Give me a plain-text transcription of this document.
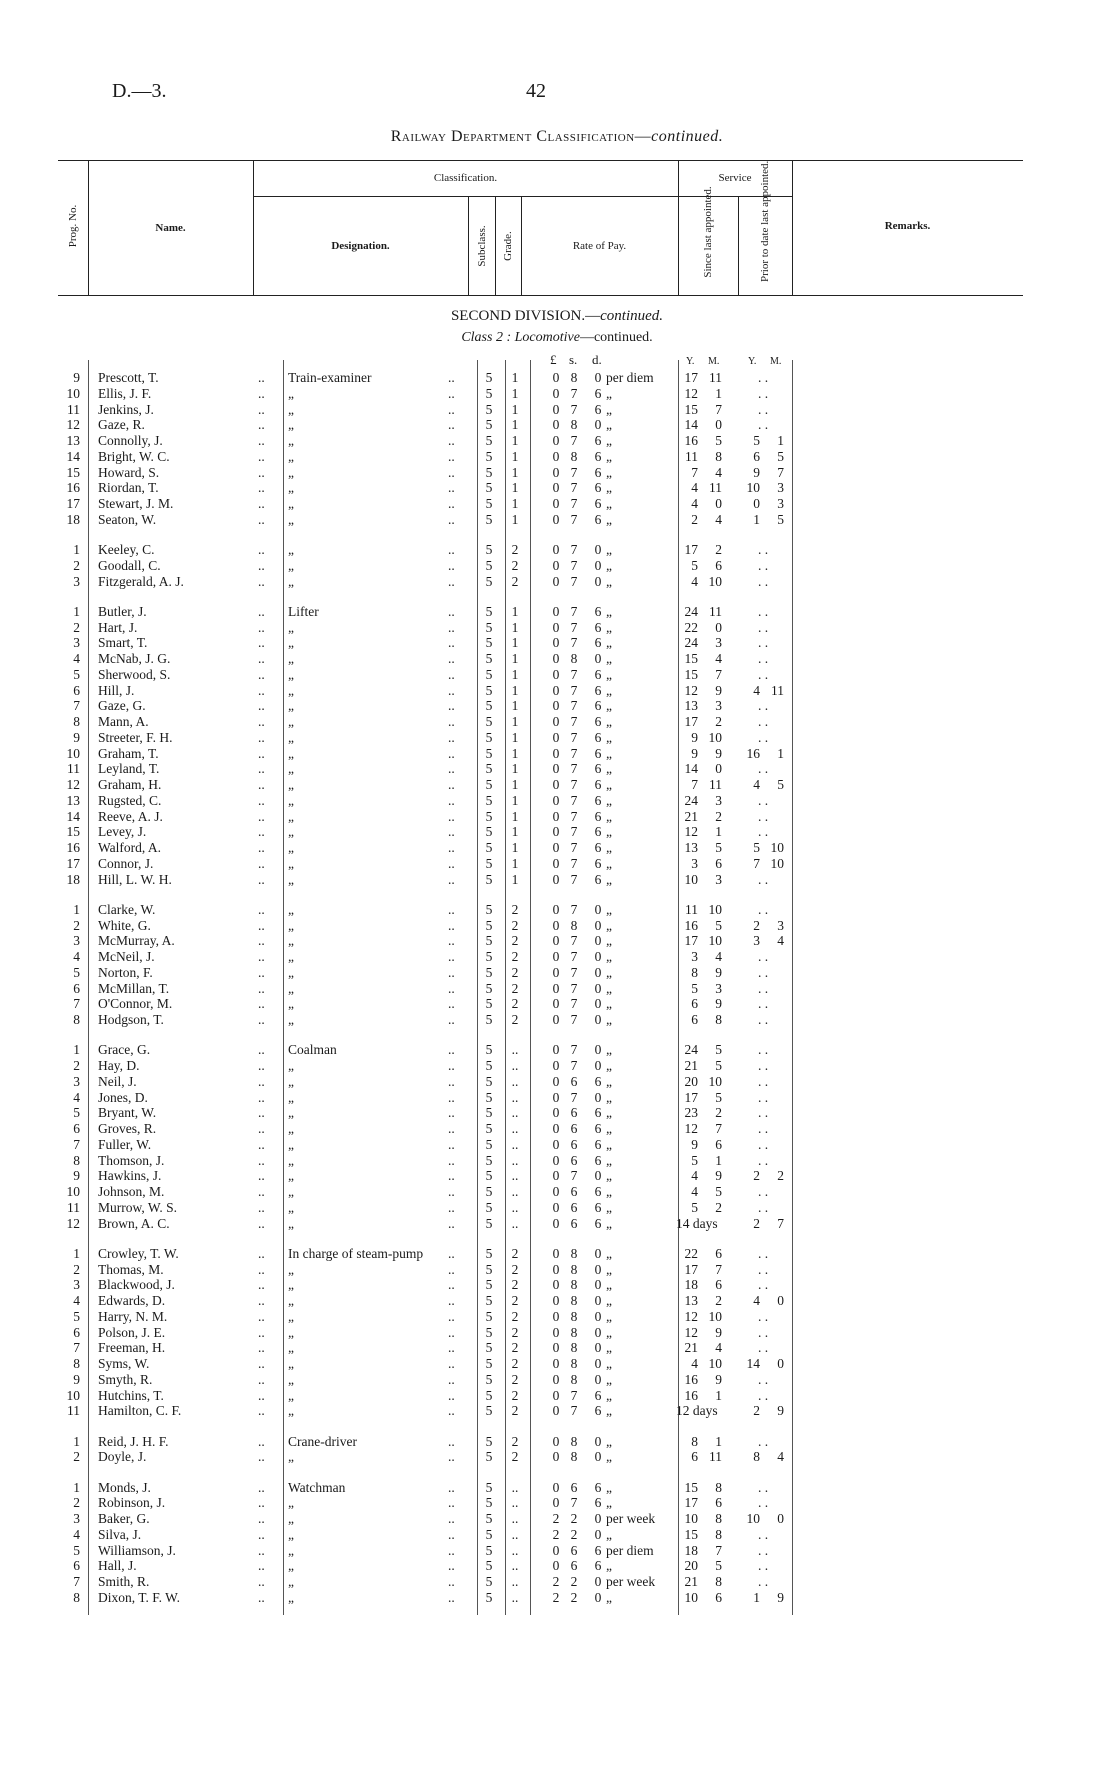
D.—3.	42
Railway Department Classification—continued.
Prog. No.	Name.
Classification.
Designation.	Subclass. Grade.	Rate of Pay.
Service
Since last appointed.	Prior to date last appointed.	Remarks.
SECOND DIVISION.—continued.
Class 2 : Locomotive—continued.
£ s. d.	Y. M.	Y. M.
9 Prescott, T.	.. Train-examiner	.. 5 1	0 8 0 per diem	17 11	. .
10 Ellis, J. F.	.. „	.. 5 1	0 7 6 „	12	1	. .
11 Jenkins, J.	.. „	.. 5 1	0 7 6 „	15	7	. .
12 Gaze, R.	.. „	.. 5 1	0 8 0 „	14	0	. .
13 Connolly, J.	.. „	.. 5 1	0 7 6 „	16	5	5	1
14 Bright, W. C.	.. „	.. 5 1	0 8 6 „	11	8	6	5
15 Howard, S.	.. „	.. 5 1	0 7 6 „	7	4	9	7
16 Riordan, T.	.. „	.. 5 1	0 7 6 „	4 11	10	3
17 Stewart, J. M.	.. „	.. 5 1	0 7 6 „	4	0	0	3
18 Seaton, W.	.. „	.. 5 1	0 7 6 „	2	4	1	5
1 Keeley, C.	.. „	.. 5 2	0 7 0 „	17	2	. .
2 Goodall, C.	.. „	.. 5 2	0 7 0 „	5	6	. .
3 Fitzgerald, A. J.	.. „	.. 5 2	0 7 0 „	4 10	. .
1 Butler, J.	.. Lifter	.. 5 1	0 7 6 „	24 11	. .
2 Hart, J.	.. „	.. 5 1	0 7 6 „	22	0	. .
3 Smart, T.	.. „	.. 5 1	0 7 6 „	24	3	. .
4 McNab, J. G.	.. „	.. 5 1	0 8 0 „	15	4	. .
5 Sherwood, S.	.. „	.. 5 1	0 7 6 „	15	7	. .
6 Hill, J.	.. „	.. 5 1	0 7 6 „	12	9	4 11
7 Gaze, G.	.. „	.. 5 1	0 7 6 „	13	3	. .
8 Mann, A.	.. „	.. 5 1	0 7 6 „	17	2	. .
9 Streeter, F. H.	.. „	.. 5 1	0 7 6 „	9 10	. .
10 Graham, T.	.. „	.. 5 1	0 7 6 „	9	9	16	1
11 Leyland, T.	.. „	.. 5 1	0 7 6 „	14	0	. .
12 Graham, H.	.. „	.. 5 1	0 7 6 „	7 11	4	5
13 Rugsted, C.	.. „	.. 5 1	0 7 6 „	24	3	. .
14 Reeve, A. J.	.. „	.. 5 1	0 7 6 „	21	2	. .
15 Levey, J.	.. „	.. 5 1	0 7 6 „	12	1	. .
16 Walford, A.	.. „	.. 5 1	0 7 6 „	13	5	5 10
17 Connor, J.	.. „	.. 5 1	0 7 6 „	3	6	7 10
18 Hill, L. W. H.	.. „	.. 5 1	0 7 6 „	10	3	. .
1 Clarke, W.	.. „	.. 5 2	0 7 0 „	11 10	. .
2 White, G.	.. „	.. 5 2	0 8 0 „	16	5	2	3
3 McMurray, A.	.. „	.. 5 2	0 7 0 „	17 10	3	4
4 McNeil, J.	.. „	.. 5 2	0 7 0 „	3	4	. .
5 Norton, F.	.. „	.. 5 2	0 7 0 „	8	9	. .
6 McMillan, T.	.. „	.. 5 2	0 7 0 „	5	3	. .
7 O'Connor, M.	.. „	.. 5 2	0 7 0 „	6	9	. .
8 Hodgson, T.	.. „	.. 5 2	0 7 0 „	6	8	. .
1 Grace, G.	.. Coalman	.. 5 ..	0 7 0 „	24	5	. .
2 Hay, D.	.. „	.. 5 ..	0 7 0 „	21	5	. .
3 Neil, J.	.. „	.. 5 ..	0 6 6 „	20 10	. .
4 Jones, D.	.. „	.. 5 ..	0 7 0 „	17	5	. .
5 Bryant, W.	.. „	.. 5 ..	0 6 6 „	23	2	. .
6 Groves, R.	.. „	.. 5 ..	0 6 6 „	12	7	. .
7 Fuller, W.	.. „	.. 5 ..	0 6 6 „	9	6	. .
8 Thomson, J.	.. „	.. 5 ..	0 6 6 „	5	1	. .
9 Hawkins, J.	.. „	.. 5 ..	0 7 0 „	4	9	2	2
10 Johnson, M.	.. „	.. 5 ..	0 6 6 „	4	5	. .
11 Murrow, W. S.	.. „	.. 5 ..	0 6 6 „	5	2	. .
12 Brown, A. C.	.. „	.. 5 ..	0 6 6 „	14 days	2	7
1 Crowley, T. W.	.. In charge of steam-pump .. 5 2	0 8 0 „	22	6	. .
2 Thomas, M.	.. „	.. 5 2	0 8 0 „	17	7	. .
3 Blackwood, J.	.. „	.. 5 2	0 8 0 „	18	6	. .
4 Edwards, D.	.. „	.. 5 2	0 8 0 „	13	2	4	0
5 Harry, N. M.	.. „	.. 5 2	0 8 0 „	12 10	. .
6 Polson, J. E.	.. „	.. 5 2	0 8 0 „	12	9	. .
7 Freeman, H.	.. „	.. 5 2	0 8 0 „	21	4	. .
8 Syms, W.	.. „	.. 5 2	0 8 0 „	4 10	14	0
9 Smyth, R.	.. „	.. 5 2	0 8 0 „	16	9	. .
10 Hutchins, T.	.. „	.. 5 2	0 7 6 „	16	1	. .
11 Hamilton, C. F.	.. „	.. 5 2	0 7 6 „	12 days	2	9
1 Reid, J. H. F.	.. Crane-driver	.. 5 2	0 8 0 „	8	1	. .
2 Doyle, J.	.. „	.. 5 2	0 8 0 „	6 11	8	4
1 Monds, J.	.. Watchman	.. 5 ..	0 6 6 „	15	8	. .
2 Robinson, J.	.. „	.. 5 ..	0 7 6 „	17	6	. .
3 Baker, G.	.. „	.. 5 ..	2 2 0 per week	10	8	10	0
4 Silva, J.	.. „	.. 5 ..	2 2 0 „	15	8	. .
5 Williamson, J.	.. „	.. 5 ..	0 6 6 per diem	18	7	. .
6 Hall, J.	.. „	.. 5 ..	0 6 6 „	20	5	. .
7 Smith, R.	.. „	.. 5 ..	2 2 0 per week	21	8	. .
8 Dixon, T. F. W.	.. „	.. 5 ..	2 2 0 „	10	6	1	9
